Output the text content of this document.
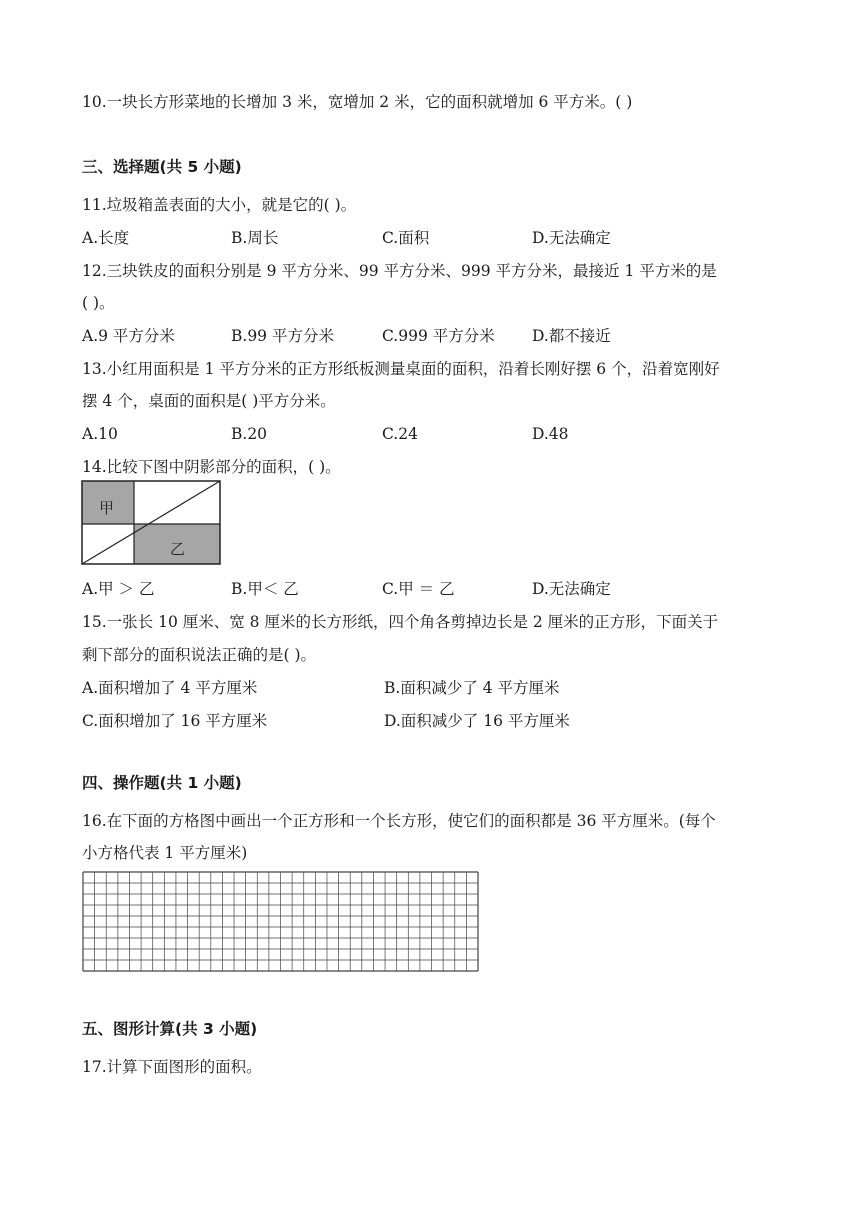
10.一块长方形菜地的长增加 3 米，宽增加 2 米，它的面积就增加 6 平方米。( )
三、选择题(共 5 小题)
11.垃圾箱盖表面的大小，就是它的( )。
A.长度	B.周长	C.面积	D.无法确定
12.三块铁皮的面积分别是 9 平方分米、99 平方分米、999 平方分米，最接近 1 平方米的是
( )。
A.9 平方分米	B.99 平方分米	C.999 平方分米 D.都不接近
13.小红用面积是 1 平方分米的正方形纸板测量桌面的面积，沿着长刚好摆 6 个，沿着宽刚好
摆 4 个，桌面的面积是( )平方分米。
A.10	B.20	C.24	D.48
14.比较下图中阴影部分的面积，( )。
甲
乙
A.甲 ＞ 乙	B.甲＜ 乙	C.甲 ＝ 乙	D.无法确定
15.一张长 10 厘米、宽 8 厘米的长方形纸，四个角各剪掉边长是 2 厘米的正方形，下面关于
剩下部分的面积说法正确的是( )。
A.面积增加了 4 平方厘米	B.面积减少了 4 平方厘米
C.面积增加了 16 平方厘米	D.面积减少了 16 平方厘米
四、操作题(共 1 小题)
16.在下面的方格图中画出一个正方形和一个长方形，使它们的面积都是 36 平方厘米。(每个
小方格代表 1 平方厘米)
五、图形计算(共 3 小题)
17.计算下面图形的面积。
